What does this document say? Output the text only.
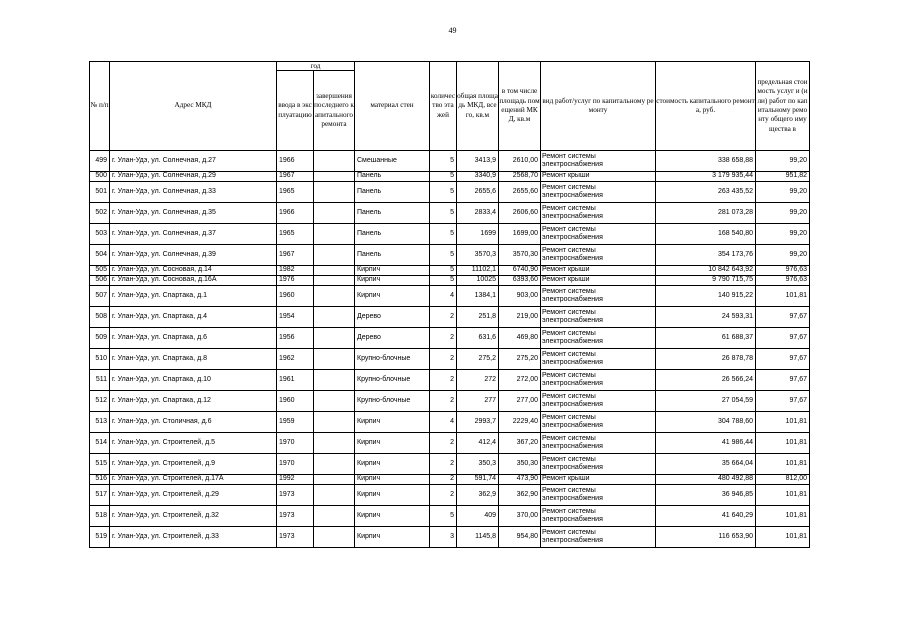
49
№ п/п	Адрес МКД	год		материал стен	количество этажей	общая площадь МКД, всего, кв.м	в том числе площадь помещений МКД, кв.м	вид работ/услуг по капитальному ремонту	стоимость капитального ремонта, руб.	предельная стоимость услуг и (или) работ по капитальному ремонту общего имущества в
		ввода в эксплуатацию	завершения последнего капитального ремонта							
499	г. Улан-Удэ, ул. Солнечная, д.27	1966		Смешанные	5	3413,9	2610,00	Ремонт системы электроснабжения	338 658,88	99,20
500	г. Улан-Удэ, ул. Солнечная, д.29	1967		Панель	5	3340,9	2568,70	Ремонт крыши	3 179 935,44	951,82
501	г. Улан-Удэ, ул. Солнечная, д.33	1965		Панель	5	2655,6	2655,60	Ремонт системы электроснабжения	263 435,52	99,20
502	г. Улан-Удэ, ул. Солнечная, д.35	1966		Панель	5	2833,4	2606,60	Ремонт системы электроснабжения	281 073,28	99,20
503	г. Улан-Удэ, ул. Солнечная, д.37	1965		Панель	5	1699	1699,00	Ремонт системы электроснабжения	168 540,80	99,20
504	г. Улан-Удэ, ул. Солнечная, д.39	1967		Панель	5	3570,3	3570,30	Ремонт системы электроснабжения	354 173,76	99,20
505	г. Улан-Удэ, ул. Сосновая, д.14	1982		Кирпич	5	11102,1	6740,90	Ремонт крыши	10 842 643,92	976,63
506	г. Улан-Удэ, ул. Сосновая, д.16А	1976		Кирпич	5	10025	6393,60	Ремонт крыши	9 790 715,75	976,63
507	г. Улан-Удэ, ул. Спартака, д.1	1960		Кирпич	4	1384,1	903,00	Ремонт системы электроснабжения	140 915,22	101,81
508	г. Улан-Удэ, ул. Спартака, д.4	1954		Дерево	2	251,8	219,00	Ремонт системы электроснабжения	24 593,31	97,67
509	г. Улан-Удэ, ул. Спартака, д.6	1956		Дерево	2	631,6	469,80	Ремонт системы электроснабжения	61 688,37	97,67
510	г. Улан-Удэ, ул. Спартака, д.8	1962		Крупно-блочные	2	275,2	275,20	Ремонт системы электроснабжения	26 878,78	97,67
511	г. Улан-Удэ, ул. Спартака, д.10	1961		Крупно-блочные	2	272	272,00	Ремонт системы электроснабжения	26 566,24	97,67
512	г. Улан-Удэ, ул. Спартака, д.12	1960		Крупно-блочные	2	277	277,00	Ремонт системы электроснабжения	27 054,59	97,67
513	г. Улан-Удэ, ул. Столичная, д.6	1959		Кирпич	4	2993,7	2229,40	Ремонт системы электроснабжения	304 788,60	101,81
514	г. Улан-Удэ, ул. Строителей, д.5	1970		Кирпич	2	412,4	367,20	Ремонт системы электроснабжения	41 986,44	101,81
515	г. Улан-Удэ, ул. Строителей, д.9	1970		Кирпич	2	350,3	350,30	Ремонт системы электроснабжения	35 664,04	101,81
516	г. Улан-Удэ, ул. Строителей, д.17А	1992		Кирпич	2	591,74	473,90	Ремонт крыши	480 492,88	812,00
517	г. Улан-Удэ, ул. Строителей, д.29	1973		Кирпич	2	362,9	362,90	Ремонт системы электроснабжения	36 946,85	101,81
518	г. Улан-Удэ, ул. Строителей, д.32	1973		Кирпич	5	409	370,00	Ремонт системы электроснабжения	41 640,29	101,81
519	г. Улан-Удэ, ул. Строителей, д.33	1973		Кирпич	3	1145,8	954,80	Ремонт системы электроснабжения	116 653,90	101,81
